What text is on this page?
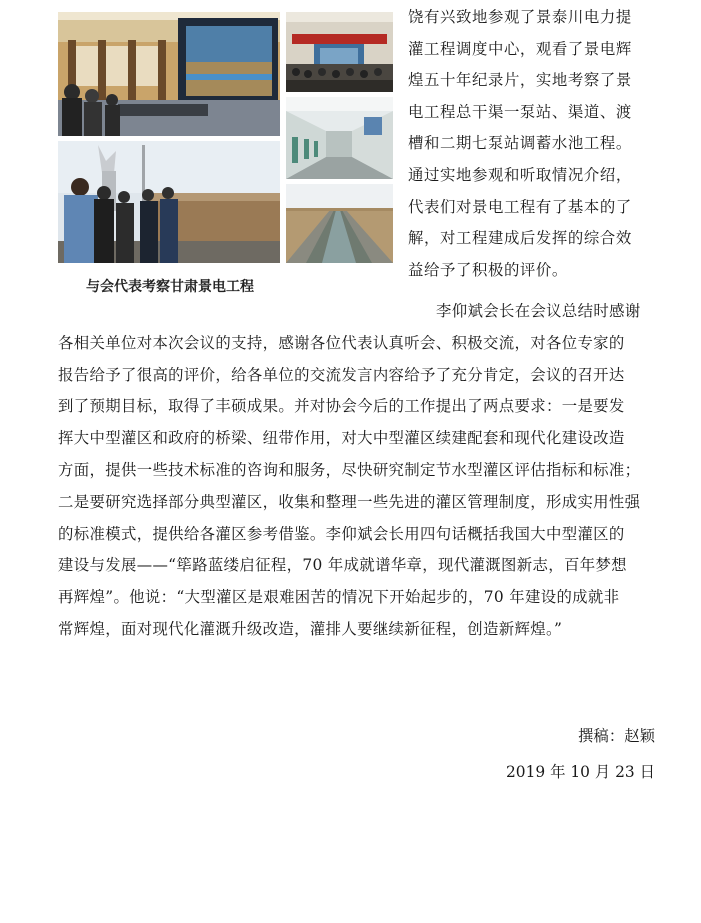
与会代表考察甘肃景电工程
饶有兴致地参观了景泰川电力提
灌工程调度中心，观看了景电辉
煌五十年纪录片，实地考察了景
电工程总干渠一泵站、渠道、渡
槽和二期七泵站调蓄水池工程。
通过实地参观和听取情况介绍，
代表们对景电工程有了基本的了
解，对工程建成后发挥的综合效
益给予了积极的评价。
李仰斌会长在会议总结时感谢
各相关单位对本次会议的支持，感谢各位代表认真听会、积极交流，对各位专家的
报告给予了很高的评价，给各单位的交流发言内容给予了充分肯定，会议的召开达
到了预期目标，取得了丰硕成果。并对协会今后的工作提出了两点要求：一是要发
挥大中型灌区和政府的桥梁、纽带作用，对大中型灌区续建配套和现代化建设改造
方面，提供一些技术标准的咨询和服务，尽快研究制定节水型灌区评估指标和标准；
二是要研究选择部分典型灌区，收集和整理一些先进的灌区管理制度，形成实用性强
的标准模式，提供给各灌区参考借鉴。李仰斌会长用四句话概括我国大中型灌区的
建设与发展——“筚路蓝缕启征程，70 年成就谱华章，现代灌溉图新志，百年梦想
再辉煌”。他说：“大型灌区是艰难困苦的情况下开始起步的，70 年建设的成就非
常辉煌，面对现代化灌溉升级改造，灌排人要继续新征程，创造新辉煌。”
撰稿：赵颖
2019 年 10 月 23 日
